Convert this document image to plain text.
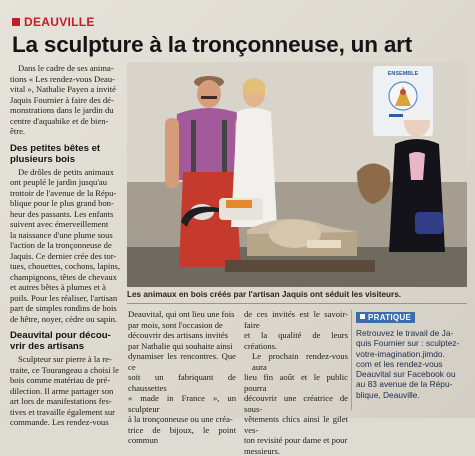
DEAUVILLE
La sculpture à la tronçonneuse, un art
Dans le cadre de ses anima-
tions « Les rendez-vous Deau-
vital », Nathalie Payen a invité
Jaquis Fournier à faire des dé-
monstrations dans le jardin du
centre d'aquabike et de bien-
être.
Des petites bêtes et
plusieurs bois
De drôles de petits animaux
ont peuplé le jardin jusqu'au
trottoir de l'avenue de la Répu-
blique pour le plus grand bon-
heur des passants. Les enfants
suivent avec émerveillement
la naissance d'une plume sous
l'action de la tronçonneuse de
Jaquis. Ce dernier crée des tor-
tues, chouettes, cochons, lapins,
champignons, têtes de chevaux
et autres bêtes à plumes et à
poils. Pour les réaliser, l'artisan
part de simples rondins de bois
de hêtre, noyer, cèdre ou sapin.
Deauvital pour décou-
vrir des artisans
Sculpteur sur pierre à la re-
traite, ce Tourangeau a choisi le
bois comme matériau de pré-
dilection. Il arme partager son
art lors de manifestations fes-
tives et travaille également sur
commande. Les rendez-vous
ENSEMBLE
Les animaux en bois créés par l'artisan Jaquis ont séduit les visiteurs.
Deauvital, qui ont lieu une fois
par mois, sont l'occasion de
découvrir des artisans invités
par Nathalie qui souhaite ainsi
dynamiser les rencontres. Que ce
soit un fabriquant de chaussettes
« made in France », un sculpteur
à la tronçonneuse ou une créa-
trice de bijoux, le point commun
de ces invités est le savoir-faire
et la qualité de leurs créations.
Le prochain rendez-vous aura
lieu fin août et le public pourra
découvrir une créatrice de sous-
vêtements chics ainsi le gilet ves-
ton revisité pour dame et pour
messieurs.
PRATIQUE
Retrouvez le travail de Ja-
quis Fournier sur : sculptez-
votre-imagination.jimdo.
com et les rendez-vous
Deauvital sur Facebook ou
au 83 avenue de la Répu-
blique, Deauville.
